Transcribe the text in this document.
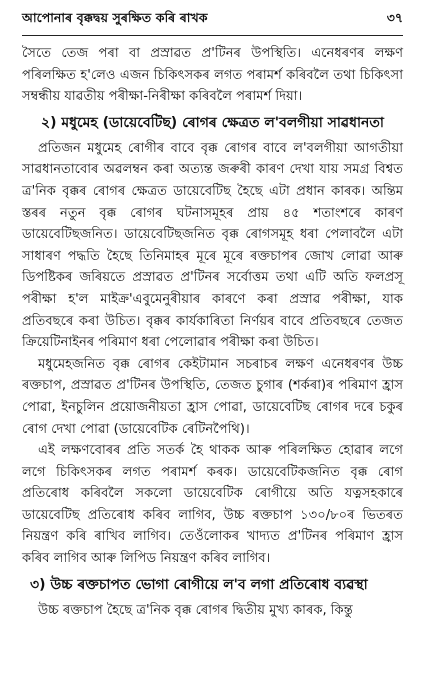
আপোনাৰ বৃক্কদ্বয় সুৰক্ষিত কৰি ৰাখক	৩৭

সৈতে তেজ পৰা বা প্ৰস্ৰাৱত প্ৰ'টিনৰ উপস্থিতি। এনেধৰণৰ লক্ষণ পৰিলক্ষিত হ'লেও এজন চিকিৎসকৰ লগত পৰামৰ্শ কৰিবলৈ তথা চিকিৎসা সম্বন্ধীয় যাৱতীয় পৰীক্ষা-নিৰীক্ষা কৰিবলৈ পৰামৰ্শ দিয়া।

২) মধুমেহ (ডায়েবেটিছ) ৰোগৰ ক্ষেত্ৰত ল'বলগীয়া সাৱধানতা

প্ৰতিজন মধুমেহ ৰোগীৰ বাবে বৃক্ক ৰোগৰ বাবে ল'বলগীয়া আগতীয়া সাৱধানতাবোৰ অৱলম্বন কৰা অত্যন্ত জৰুৰী কাৰণ দেখা যায় সমগ্ৰ বিশ্বত ত্ৰ'নিক বৃক্কৰ ৰোগৰ ক্ষেত্ৰত ডায়েবেটিছ হৈছে এটা প্ৰধান কাৰক। অন্তিম স্তৰৰ নতুন বৃক্ক ৰোগৰ ঘটনাসমূহৰ প্ৰায় ৪৫ শতাংশৰে কাৰণ ডায়েবেটিছজনিত। ডায়েবেটিছজনিত বৃক্ক ৰোগসমূহ ধৰা পেলাবলৈ এটা সাধাৰণ পদ্ধতি হৈছে তিনিমাহৰ মূৰে মূৰে ৰক্তচাপৰ জোখ লোৱা আৰু ডিপষ্টিকৰ জৰিয়তে প্ৰস্ৰাৱত প্ৰ'টিনৰ সৰ্বোত্তম তথা এটি অতি ফলপ্ৰসূ পৰীক্ষা হ'ল মাইক্ৰ'এবুমেনুৰীয়াৰ কাৰণে কৰা প্ৰস্ৰাৱ পৰীক্ষা, যাক প্ৰতিবছৰে কৰা উচিত। বৃক্কৰ কাৰ্যকাৰিতা নিৰ্ণয়ৰ বাবে প্ৰতিবছৰে তেজত ক্ৰিয়েটিনাইনৰ পৰিমাণ ধৰা পেলোৱাৰ পৰীক্ষা কৰা উচিত।

মধুমেহজনিত বৃক্ক ৰোগৰ কেইটামান সচৰাচৰ লক্ষণ এনেধৰণৰ উচ্চ ৰক্তচাপ, প্ৰস্ৰাৱত প্ৰ'টিনৰ উপস্থিতি, তেজত চুগাৰ (শৰ্কৰা)ৰ পৰিমাণ হ্ৰাস পোৱা, ইনচুলিন প্ৰয়োজনীয়তা হ্ৰাস পোৱা, ডায়েবেটিছ ৰোগৰ দৰে চকুৰ ৰোগ দেখা পোৱা (ডায়েবেটিক ৰেটিনপৈথি)।

এই লক্ষণবোৰৰ প্ৰতি সতৰ্ক হৈ থাকক আৰু পৰিলক্ষিত হোৱাৰ লগে লগে চিকিৎসকৰ লগত পৰামৰ্শ কৰক। ডায়েবেটিকজনিত বৃক্ক ৰোগ প্ৰতিৰোধ কৰিবলৈ সকলো ডায়েবেটিক ৰোগীয়ে অতি যত্নসহকাৰে ডায়েবেটিছ প্ৰতিৰোধ কৰিব লাগিব, উচ্চ ৰক্তচাপ ১৩০/৮০ৰ ভিতৰত নিয়ন্ত্ৰণ কৰি ৰাখিব লাগিব। তেওঁলোকৰ খাদ্যত প্ৰ'টিনৰ পৰিমাণ হ্ৰাস কৰিব লাগিব আৰু লিপিড নিয়ন্ত্ৰণ কৰিব লাগিব।

৩) উচ্চ ৰক্তচাপত ভোগা ৰোগীয়ে ল'ব লগা প্ৰতিৰোধ ব্যৱস্থা

উচ্চ ৰক্তচাপ হৈছে ত্ৰ'নিক বৃক্ক ৰোগৰ দ্বিতীয় মুখ্য কাৰক, কিন্তু
